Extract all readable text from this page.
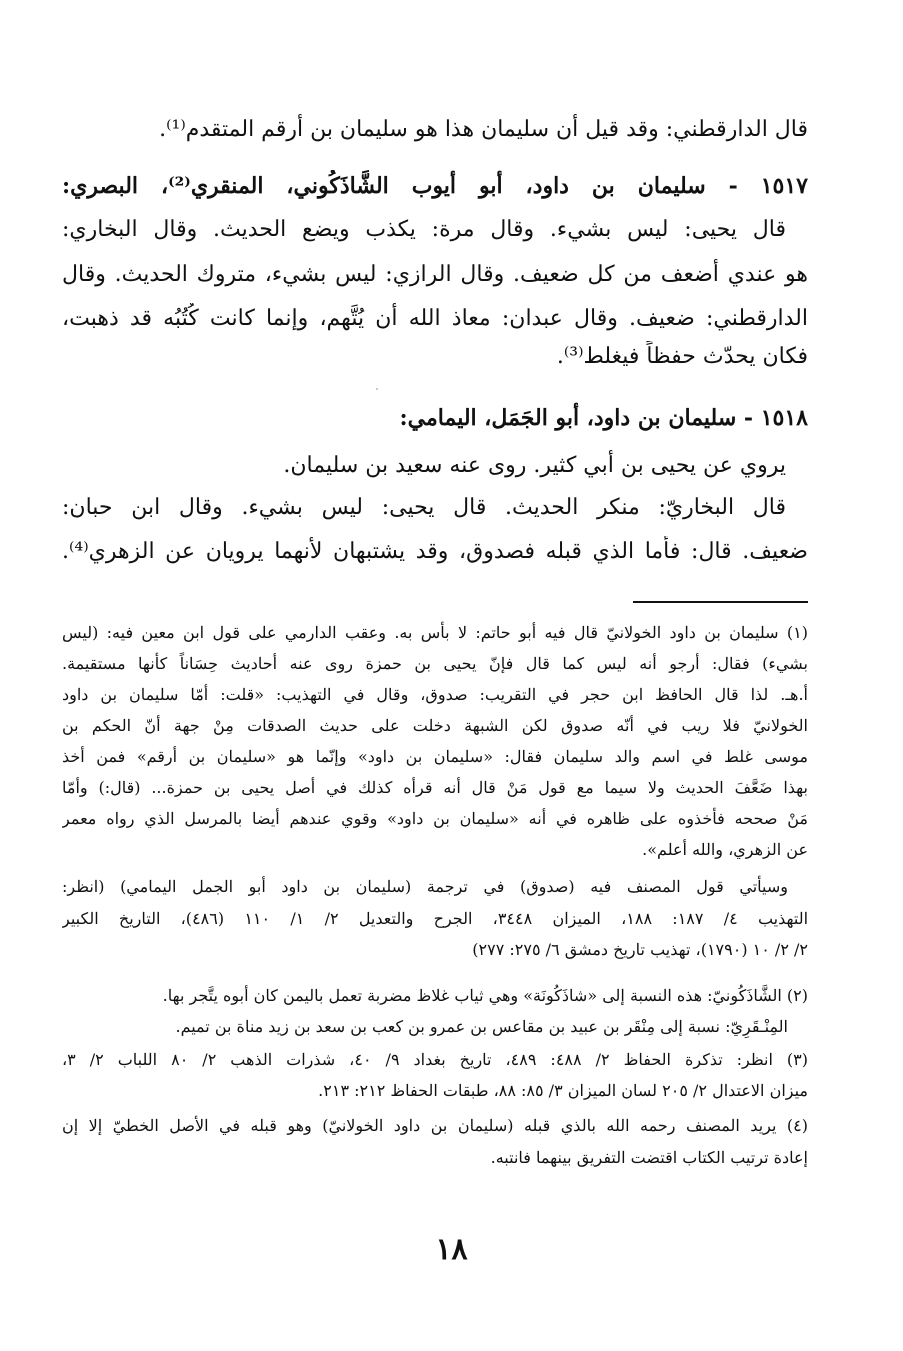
قال الدارقطني: وقد قيل أن سليمان هذا هو سليمان بن أرقم المتقدم⁽¹⁾.
١٥١٧ - سليمان بن داود، أبو أيوب الشَّاذَكُوني، المنقري⁽²⁾، البصري:
قال يحيى: ليس بشيء. وقال مرة: يكذب ويضع الحديث. وقال البخاري:
هو عندي أضعف من كل ضعيف. وقال الرازي: ليس بشيء، متروك الحديث. وقال
الدارقطني: ضعيف. وقال عبدان: معاذ الله أن يُتَّهم، وإنما كانت كُتُبُه قد ذهبت،
فكان يحدّث حفظاً فيغلط⁽³⁾.
١٥١٨ - سليمان بن داود، أبو الجَمَل، اليمامي:
يروي عن يحيى بن أبي كثير. روى عنه سعيد بن سليمان.
قال البخاريّ: منكر الحديث. قال يحيى: ليس بشيء. وقال ابن حبان:
ضعيف. قال: فأما الذي قبله فصدوق، وقد يشتبهان لأنهما يرويان عن الزهري⁽⁴⁾.
(١) سليمان بن داود الخولانيّ قال فيه أبو حاتم: لا بأس به. وعقب الدارمي على قول ابن معين فيه: (ليس
بشيء) فقال: أرجو أنه ليس كما قال فإنّ يحيى بن حمزة روى عنه أحاديث حِسَاناً كأنها مستقيمة.
أ.هـ. لذا قال الحافظ ابن حجر في التقريب: صدوق، وقال في التهذيب: «قلت: أمّا سليمان بن داود
الخولانيّ فلا ريب في أنّه صدوق لكن الشبهة دخلت على حديث الصدقات مِنْ جهة أنّ الحكم بن
موسى غلط في اسم والد سليمان فقال: «سليمان بن داود» وإنّما هو «سليمان بن أرقم» فمن أخذ
بهذا ضَعَّفَ الحديث ولا سيما مع قول مَنْ قال أنه قرأه كذلك في أصل يحيى بن حمزة... (قال:) وأمّا
مَنْ صححه فأخذوه على ظاهره في أنه «سليمان بن داود» وقوي عندهم أيضا بالمرسل الذي رواه معمر
عن الزهري، والله أعلم».
وسيأتي قول المصنف فيه (صدوق) في ترجمة (سليمان بن داود أبو الجمل اليمامي) (انظر:
التهذيب ٤/ ١٨٧: ١٨٨، الميزان ٣٤٤٨، الجرح والتعديل ٢/ ١/ ١١٠ (٤٨٦)، التاريخ الكبير
٢/ ٢/ ١٠ (١٧٩٠)، تهذيب تاريخ دمشق ٦/ ٢٧٥: ٢٧٧)
(٢) الشَّاذَكُونيّ: هذه النسبة إلى «شاذَكُونَة» وهي ثياب غلاظ مضربة تعمل باليمن كان أبوه يتَّجر بها.
المِنْـقَرِيّ: نسبة إلى مِنْقَر بن عبيد بن مقاعس بن عمرو بن كعب بن سعد بن زيد مناة بن تميم.
(٣) انظر: تذكرة الحفاظ ٢/ ٤٨٨: ٤٨٩، تاريخ بغداد ٩/ ٤٠، شذرات الذهب ٢/ ٨٠ اللباب ٢/ ٣،
ميزان الاعتدال ٢/ ٢٠٥ لسان الميزان ٣/ ٨٥: ٨٨، طبقات الحفاظ ٢١٢: ٢١٣.
(٤) يريد المصنف رحمه الله بالذي قبله (سليمان بن داود الخولانيّ) وهو قبله في الأصل الخطيّ إلا إن
إعادة ترتيب الكتاب اقتضت التفريق بينهما فانتبه.
١٨
